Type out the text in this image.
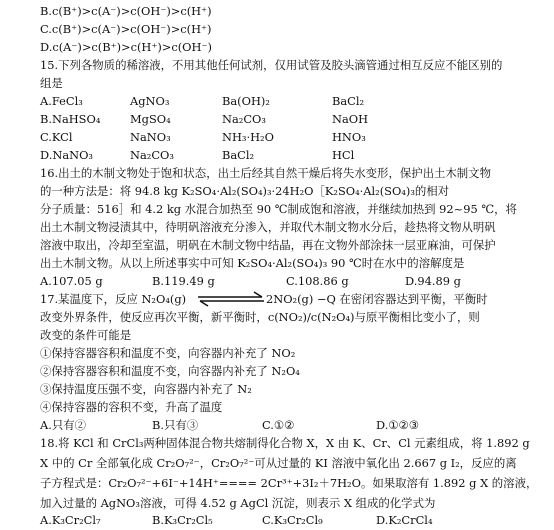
B.c(B⁺)>c(A⁻)>c(OH⁻)>c(H⁺)
C.c(B⁺)>c(A⁻)>c(OH⁻)>c(H⁺)
D.c(A⁻)>c(B⁺)>c(H⁺)>c(OH⁻)
15.下列各物质的稀溶液，不用其他任何试剂，仅用试管及胶头滴管通过相互反应不能区别的
组是
A.FeCl₃	AgNO₃	Ba(OH)₂	BaCl₂
B.NaHSO₄	MgSO₄	Na₂CO₃	NaOH
C.KCl	NaNO₃	NH₃·H₂O	HNO₃
D.NaNO₃	Na₂CO₃	BaCl₂	HCl
16.出土的木制文物处于饱和状态，出土后经其自然干燥后将失水变形，保护出土木制文物
的一种方法是：将 94.8 kg K₂SO₄·Al₂(SO₄)₃·24H₂O［K₂SO₄·Al₂(SO₄)₃的相对
分子质量：516］和 4.2 kg 水混合加热至 90 ℃制成饱和溶液，并继续加热到 92~95 ℃，将
出土木制文物浸渍其中，待明矾溶液充分渗入，并取代木制文物水分后，趁热将文物从明矾
溶液中取出，冷却至室温，明矾在木制文物中结晶，再在文物外部涂抹一层亚麻油，可保护
出土木制文物。从以上所述事实中可知 K₂SO₄·Al₂(SO₄)₃ 90 ℃时在水中的溶解度是
A.107.05 g	B.119.49 g	C.108.86 g	D.94.89 g
17.某温度下，反应 N₂O₄(g)	2NO₂(g) −Q 在密闭容器达到平衡，平衡时
改变外界条件，使反应再次平衡，新平衡时，c(NO₂)/c(N₂O₄)与原平衡相比变小了，则
改变的条件可能是
①保持容器容积和温度不变，向容器内补充了 NO₂
②保持容器容积和温度不变，向容器内补充了 N₂O₄
③保持温度压强不变，向容器内补充了 N₂
④保持容器的容积不变，升高了温度
A.只有②	B.只有③	C.①②	D.①②③
18.将 KCl 和 CrCl₃两种固体混合物共熔制得化合物 X，X 由 K、Cr、Cl 元素组成，将 1.892 g
X 中的 Cr 全部氧化成 Cr₂O₇²⁻，Cr₂O₇²⁻可从过量的 KI 溶液中氧化出 2.667 g I₂，反应的离
子方程式是：Cr₂O₇²⁻+6I⁻+14H⁺==== 2Cr³⁺+3I₂＋7H₂O。如果取溶有 1.892 g X 的溶液，
加入过量的 AgNO₃溶液，可得 4.52 g AgCl 沉淀，则表示 X 组成的化学式为
A.K₃Cr₂Cl₇	B.K₃Cr₂Cl₅	C.K₃Cr₂Cl₉	D.K₂CrCl₄
